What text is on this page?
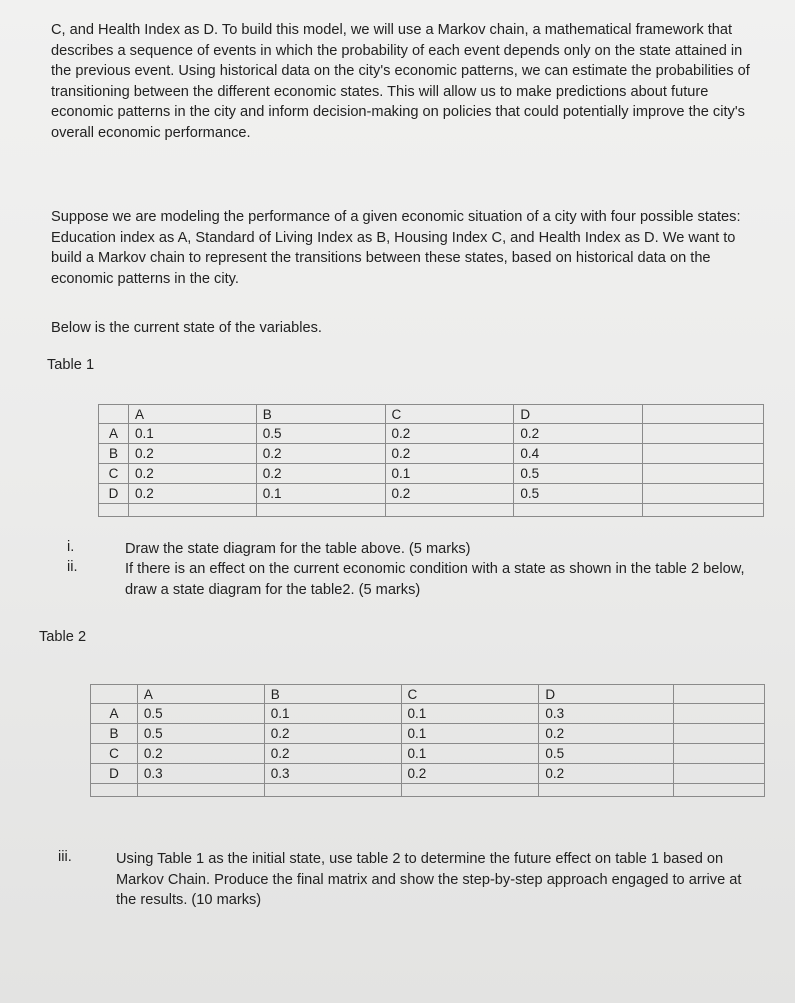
C, and Health Index as D. To build this model, we will use a Markov chain, a mathematical framework that describes a sequence of events in which the probability of each event depends only on the state attained in the previous event. Using historical data on the city's economic patterns, we can estimate the probabilities of transitioning between the different economic states. This will allow us to make predictions about future economic patterns in the city and inform decision-making on policies that could potentially improve the city's overall economic performance.

Suppose we are modeling the performance of a given economic situation of a city with four possible states: Education index as A, Standard of Living Index as B, Housing Index C, and Health Index as D. We want to build a Markov chain to represent the transitions between these states, based on historical data on the economic patterns in the city.

Below is the current state of the variables.

Table 1

	A	B	C	D	
A	0.1	0.5	0.2	0.2	
B	0.2	0.2	0.2	0.4	
C	0.2	0.2	0.1	0.5	
D	0.2	0.1	0.2	0.5	

i.	Draw the state diagram for the table above. (5 marks)

ii.	If there is an effect on the current economic condition with a state as shown in the table 2 below, draw a state diagram for the table2. (5 marks)

Table 2

	A	B	C	D	
A	0.5	0.1	0.1	0.3	
B	0.5	0.2	0.1	0.2	
C	0.2	0.2	0.1	0.5	
D	0.3	0.3	0.2	0.2	

iii.	Using Table 1 as the initial state, use table 2 to determine the future effect on table 1 based on Markov Chain. Produce the final matrix and show the step-by-step approach engaged to arrive at the results. (10 marks)
